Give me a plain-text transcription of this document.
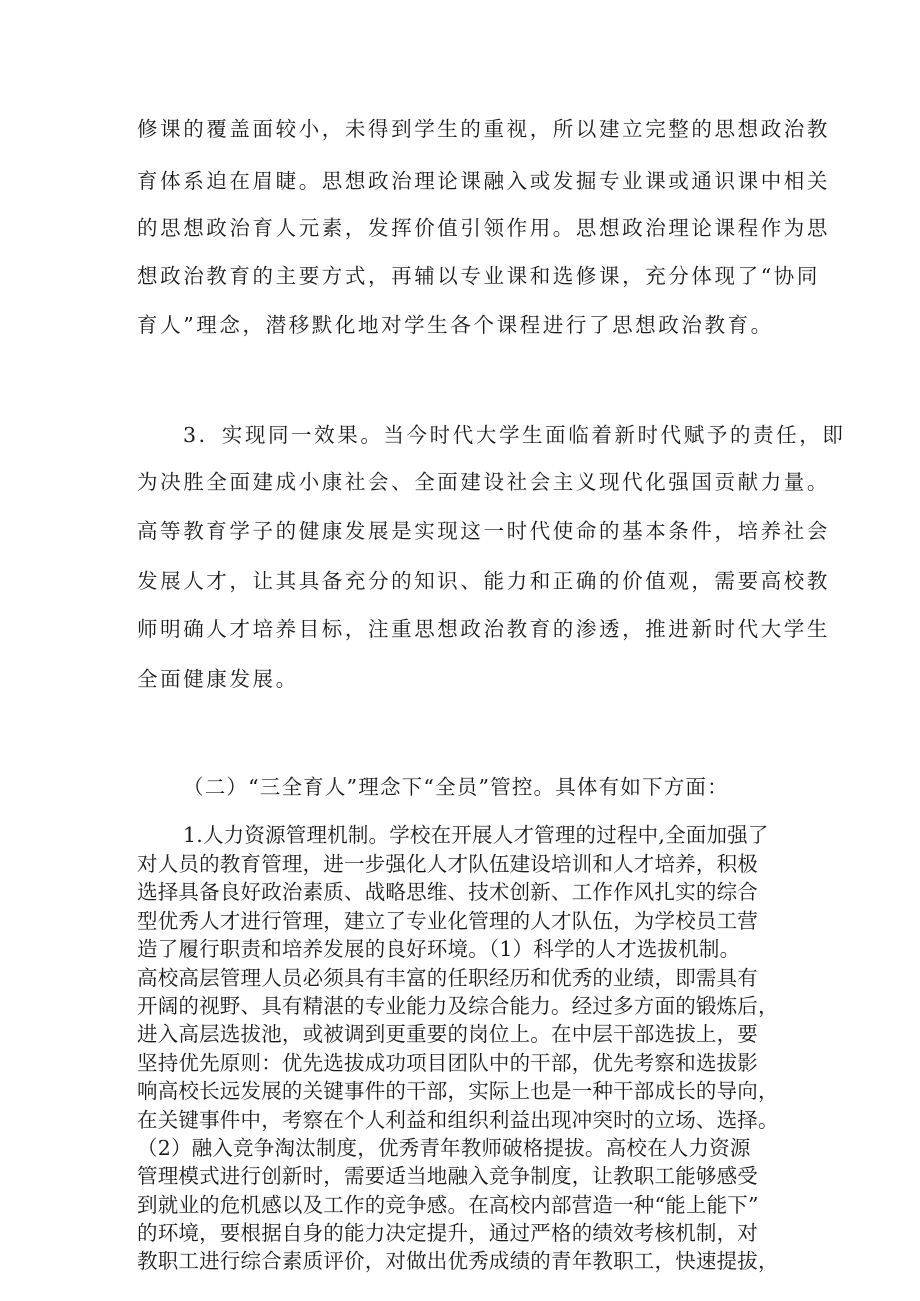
修课的覆盖面较小，未得到学生的重视，所以建立完整的思想政治教
育体系迫在眉睫。思想政治理论课融入或发掘专业课或通识课中相关
的思想政治育人元素，发挥价值引领作用。思想政治理论课程作为思
想政治教育的主要方式，再辅以专业课和选修课，充分体现了“协同
育人”理念，潜移默化地对学生各个课程进行了思想政治教育。
3．实现同一效果。当今时代大学生面临着新时代赋予的责任，即
为决胜全面建成小康社会、全面建设社会主义现代化强国贡献力量。
高等教育学子的健康发展是实现这一时代使命的基本条件，培养社会
发展人才，让其具备充分的知识、能力和正确的价值观，需要高校教
师明确人才培养目标，注重思想政治教育的渗透，推进新时代大学生
全面健康发展。
（二）“三全育人”理念下“全员”管控。具体有如下方面：
1.人力资源管理机制。学校在开展人才管理的过程中,全面加强了
对人员的教育管理，进一步强化人才队伍建设培训和人才培养，积极
选择具备良好政治素质、战略思维、技术创新、工作作风扎实的综合
型优秀人才进行管理，建立了专业化管理的人才队伍，为学校员工营
造了履行职责和培养发展的良好环境。（1）科学的人才选拔机制。
高校高层管理人员必须具有丰富的任职经历和优秀的业绩，即需具有
开阔的视野、具有精湛的专业能力及综合能力。经过多方面的锻炼后，
进入高层选拔池，或被调到更重要的岗位上。在中层干部选拔上，要
坚持优先原则：优先选拔成功项目团队中的干部，优先考察和选拔影
响高校长远发展的关键事件的干部，实际上也是一种干部成长的导向，
在关键事件中，考察在个人利益和组织利益出现冲突时的立场、选择。
（2）融入竞争淘汰制度，优秀青年教师破格提拔。高校在人力资源
管理模式进行创新时，需要适当地融入竞争制度，让教职工能够感受
到就业的危机感以及工作的竞争感。在高校内部营造一种“能上能下”
的环境，要根据自身的能力决定提升，通过严格的绩效考核机制，对
教职工进行综合素质评价，对做出优秀成绩的青年教职工，快速提拔，
